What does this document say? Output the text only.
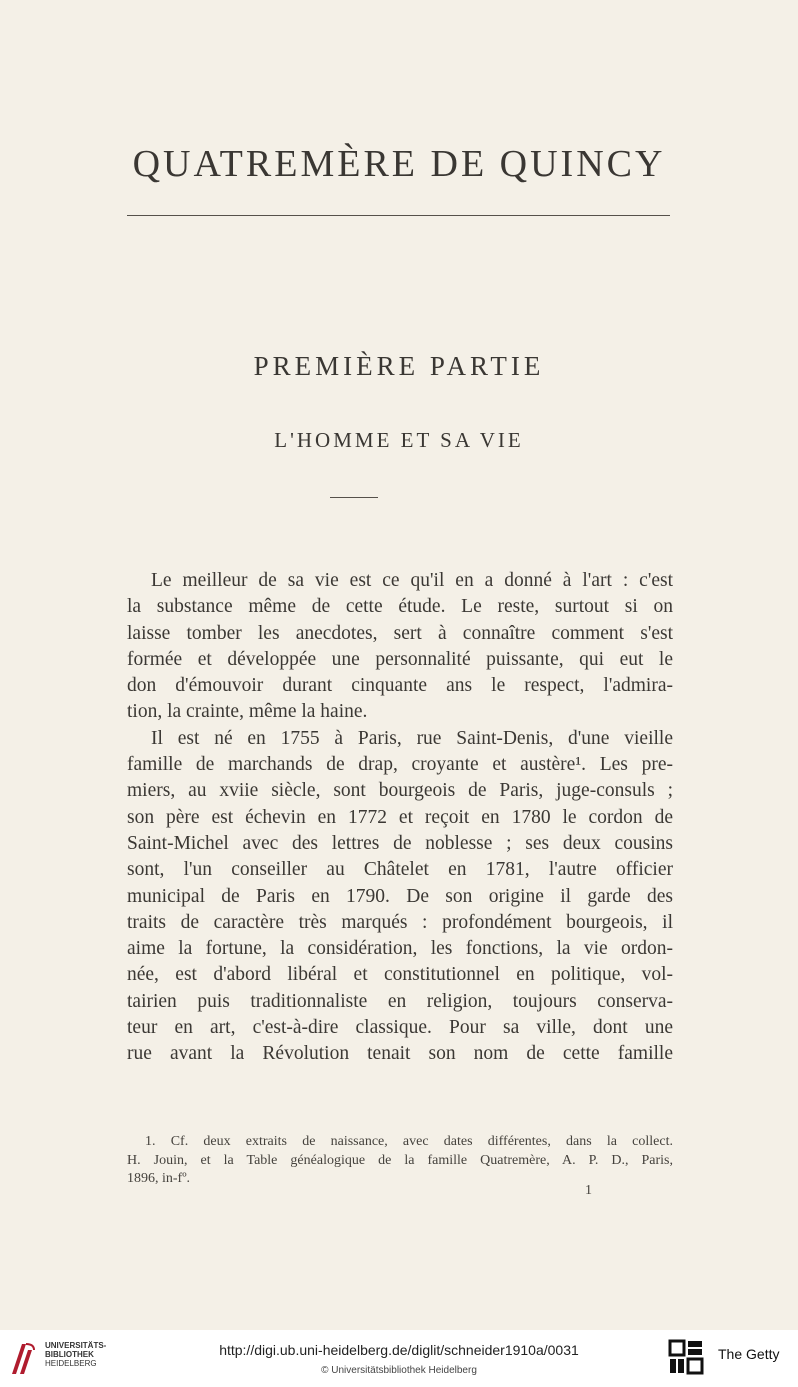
QUATREMÈRE DE QUINCY
PREMIÈRE PARTIE
L'HOMME ET SA VIE
Le meilleur de sa vie est ce qu'il en a donné à l'art : c'est
la substance même de cette étude. Le reste, surtout si on
laisse tomber les anecdotes, sert à connaître comment s'est
formée et développée une personnalité puissante, qui eut le
don d'émouvoir durant cinquante ans le respect, l'admira-
tion, la crainte, même la haine.
Il est né en 1755 à Paris, rue Saint-Denis, d'une vieille
famille de marchands de drap, croyante et austère¹. Les pre-
miers, au xviie siècle, sont bourgeois de Paris, juge-consuls ;
son père est échevin en 1772 et reçoit en 1780 le cordon de
Saint-Michel avec des lettres de noblesse ; ses deux cousins
sont, l'un conseiller au Châtelet en 1781, l'autre officier
municipal de Paris en 1790. De son origine il garde des
traits de caractère très marqués : profondément bourgeois, il
aime la fortune, la considération, les fonctions, la vie ordon-
née, est d'abord libéral et constitutionnel en politique, vol-
tairien puis traditionnaliste en religion, toujours conserva-
teur en art, c'est-à-dire classique. Pour sa ville, dont une
rue avant la Révolution tenait son nom de cette famille
1. Cf. deux extraits de naissance, avec dates différentes, dans la collect.
H. Jouin, et la Table généalogique de la famille Quatremère, A. P. D., Paris,
1896, in-fº.
1
UNIVERSITÄTS-
BIBLIOTHEK
HEIDELBERG
http://digi.ub.uni-heidelberg.de/diglit/schneider1910a/0031
© Universitätsbibliothek Heidelberg
The Getty
